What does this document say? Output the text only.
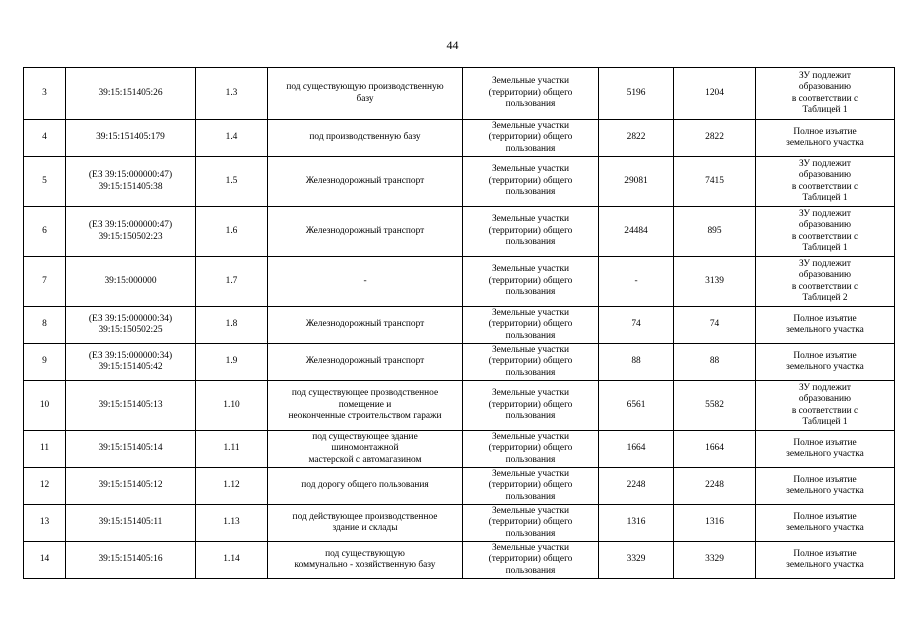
44
3	39:15:151405:26	1.3	под существующую производственную
базу	Земельные участки
(территории) общего
пользования	5196	1204	ЗУ подлежит
образованию
в соответствии с
Таблицей 1
4	39:15:151405:179	1.4	под производственную базу	Земельные участки
(территории) общего
пользования	2822	2822	Полное изъятие
земельного участка
5	(ЕЗ 39:15:000000:47)
39:15:151405:38	1.5	Железнодорожный транспорт	Земельные участки
(территории) общего
пользования	29081	7415	ЗУ подлежит
образованию
в соответствии с
Таблицей 1
6	(ЕЗ 39:15:000000:47)
39:15:150502:23	1.6	Железнодорожный транспорт	Земельные участки
(территории) общего
пользования	24484	895	ЗУ подлежит
образованию
в соответствии с
Таблицей 1
7	39:15:000000	1.7	-	Земельные участки
(территории) общего
пользования	-	3139	ЗУ подлежит
образованию
в соответствии с
Таблицей 2
8	(ЕЗ 39:15:000000:34)
39:15:150502:25	1.8	Железнодорожный транспорт	Земельные участки
(территории) общего
пользования	74	74	Полное изъятие
земельного участка
9	(ЕЗ 39:15:000000:34)
39:15:151405:42	1.9	Железнодорожный транспорт	Земельные участки
(территории) общего
пользования	88	88	Полное изъятие
земельного участка
10	39:15:151405:13	1.10	под существующее прозводственное
помещение и
неоконченные строительством гаражи	Земельные участки
(территории) общего
пользования	6561	5582	ЗУ подлежит
образованию
в соответствии с
Таблицей 1
11	39:15:151405:14	1.11	под существующее здание
шиномонтажной
мастерской с автомагазином	Земельные участки
(территории) общего
пользования	1664	1664	Полное изъятие
земельного участка
12	39:15:151405:12	1.12	под дорогу общего пользования	Земельные участки
(территории) общего
пользования	2248	2248	Полное изъятие
земельного участка
13	39:15:151405:11	1.13	под действующее производственное
здание и склады	Земельные участки
(территории) общего
пользования	1316	1316	Полное изъятие
земельного участка
14	39:15:151405:16	1.14	под существующую
коммунально - хозяйственную базу	Земельные участки
(территории) общего
пользования	3329	3329	Полное изъятие
земельного участка
